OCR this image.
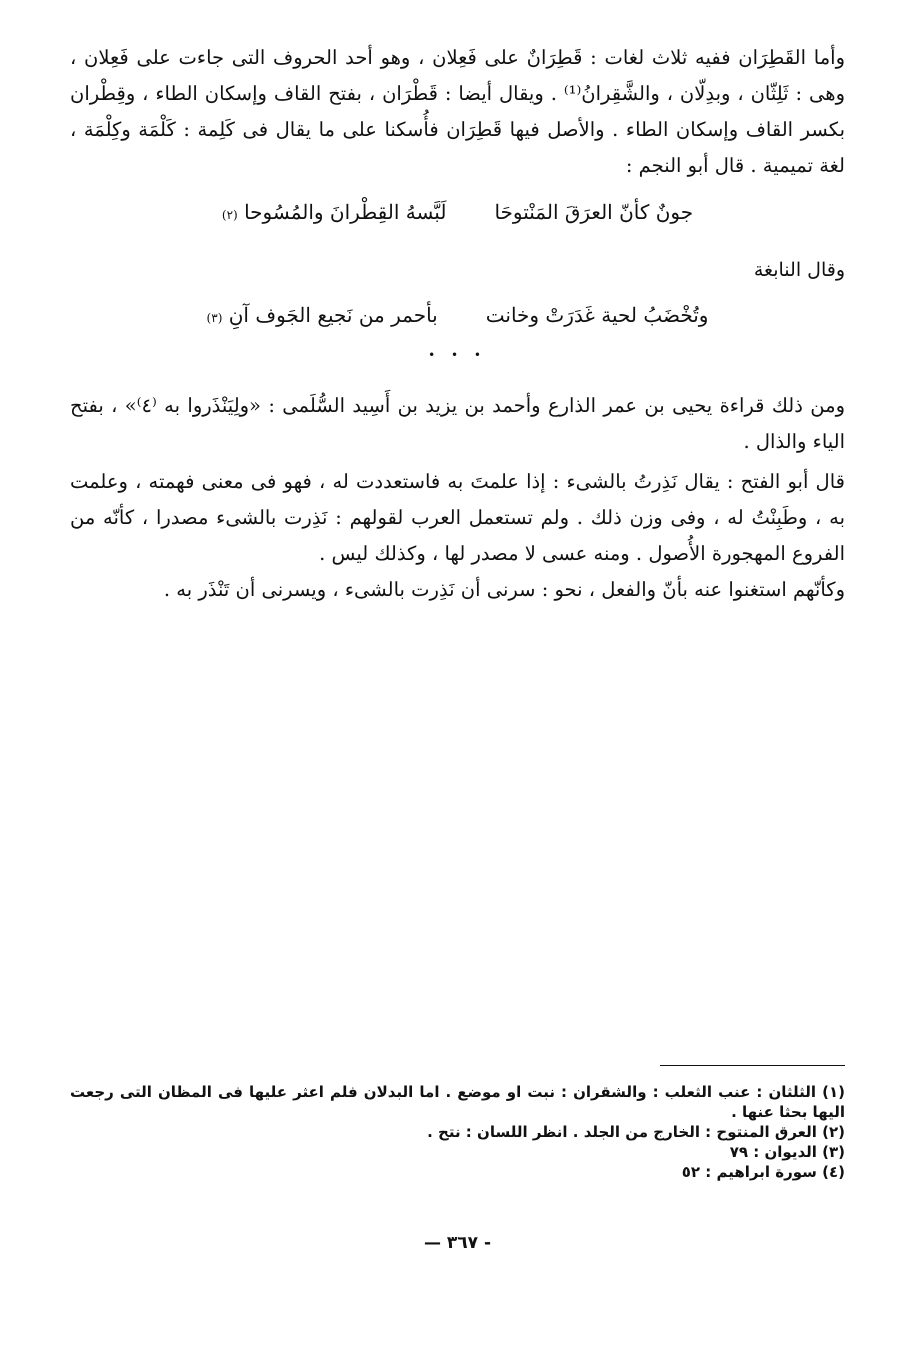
وأما القَطِرَان ففيه ثلاث لغات : قَطِرَانٌ على فَعِلان ، وهو أحد الحروف التى جاءت على فَعِلان ، وهى : ثَلِثّان ، وبدِلّان ، والشَّقِرانُ⁽¹⁾ . ويقال أيضا : قَطْرَان ، بفتح القاف وإسكان الطاء ، وقِطْران بكسر القاف وإسكان الطاء . والأصل فيها قَطِرَان فأُسكنا على ما يقال فى كَلِمة : كَلْمَة وكِلْمَة ، لغة تميمية . قال أبو النجم :

جونٌ كأنّ العرَقَ المَنْتوحَا
لَبَّسهُ القِطْرانَ والمُسُوحا (٢)

وقال النابغة

وتُخْضَبُ لحية غَدَرَتْ وخانت
بأحمر من نَجيع الجَوف آنِ (٣)
• • •

ومن ذلك قراءة يحيى بن عمر الذارع وأحمد بن يزيد بن أَسِيد السُّلَمى : «ولِيَنْذَروا به ⁽٤⁾» ، بفتح الياء والذال .

قال أبو الفتح : يقال نَذِرتُ بالشىء : إذا علمتَ به فاستعددت له ، فهو فى معنى فهمته ، وعلمت به ، وطَبِنْتُ له ، وفى وزن ذلك . ولم تستعمل العرب لقولهم : نَذِرت بالشىء مصدرا ، كأنّه من الفروع المهجورة الأُصول . ومنه عسى لا مصدر لها ، وكذلك ليس .

وكأنّهم استغنوا عنه بأنّ والفعل ، نحو : سرنى أن نَذِرت بالشىء ، ويسرنى أن تَنْذَر به .

(١) الثلثان : عنب الثعلب : والشقران : نبت او موضع . اما البدلان فلم اعثر عليها فى المظان التى رجعت اليها بحثا عنها .

(٢) العرق المنتوح : الخارج من الجلد . انظر اللسان : نتح .

(٣) الديوان : ٧٩

(٤) سورة ابراهيم : ٥٢

— ٣٦٧ -
